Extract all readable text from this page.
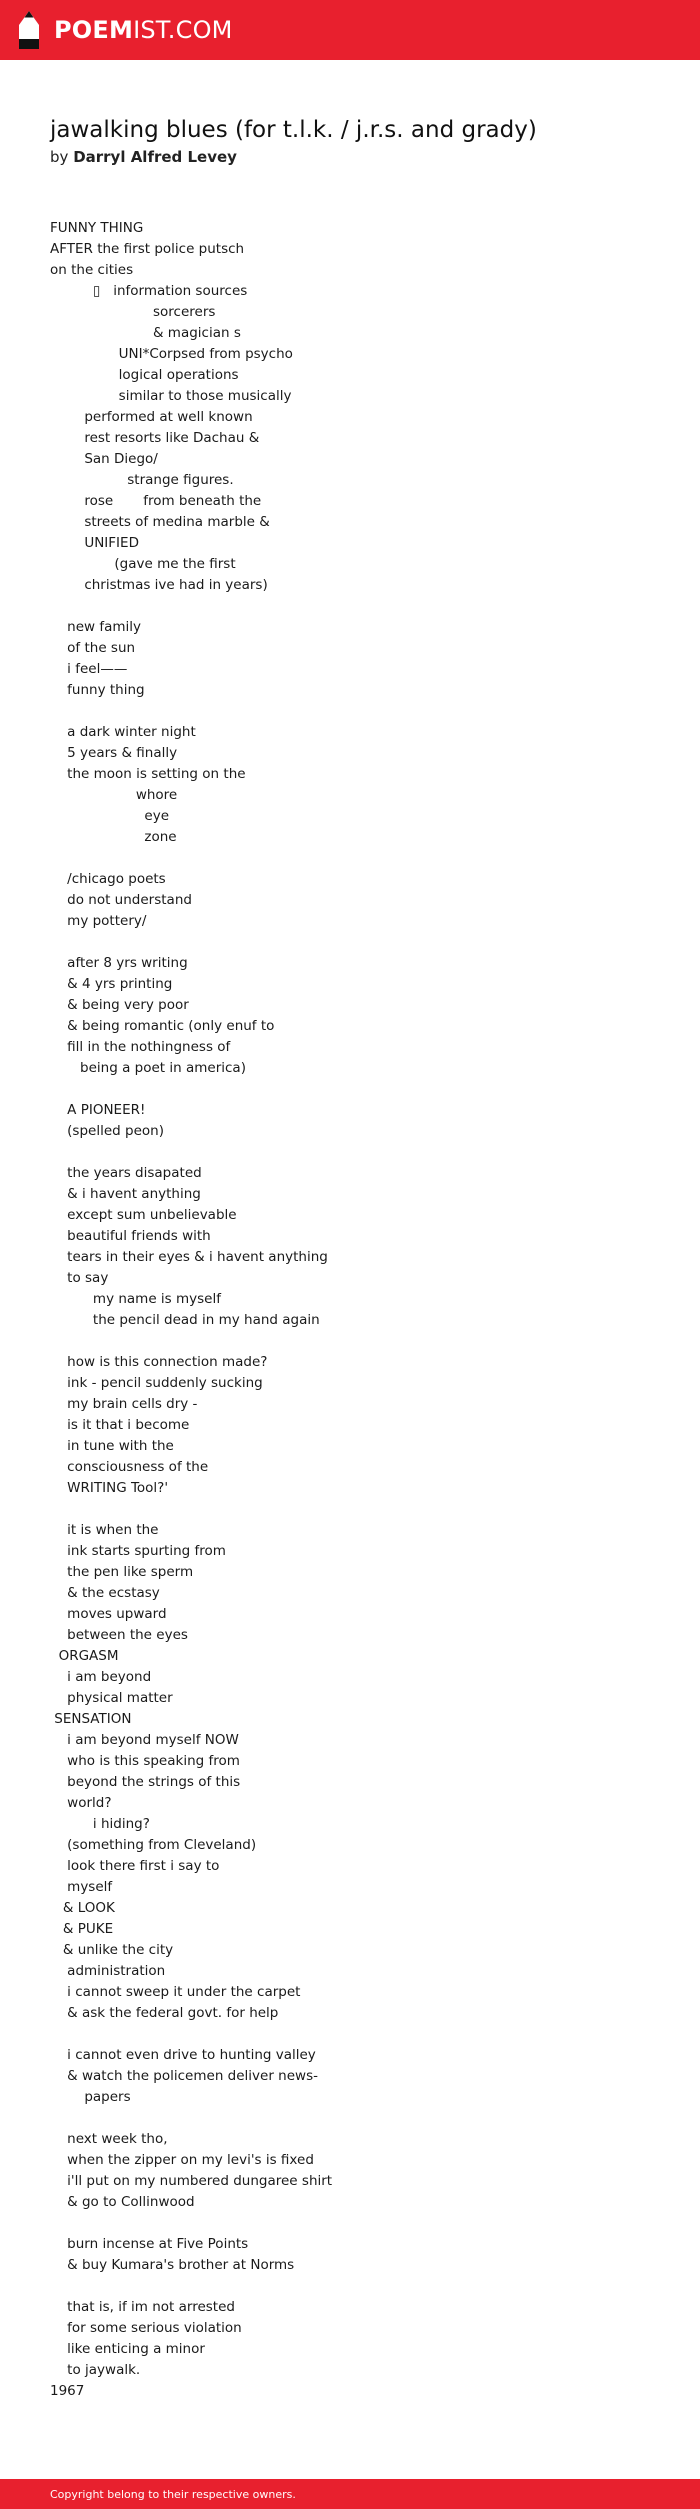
POEMIST.COM
jawalking blues (for t.l.k. / j.r.s. and grady)
by Darryl Alfred Levey
FUNNY THING
AFTER the first police putsch
on the cities
▯   information sources
sorcerers
& magician s
UNI*Corpsed from psycho
logical operations
similar to those musically
performed at well known
rest resorts like Dachau &
San Diego/
strange figures.
rose       from beneath the
streets of medina marble &
UNIFIED
(gave me the first
christmas ive had in years)

new family
of the sun
i feel——
funny thing

a dark winter night
5 years & finally
the moon is setting on the
whore
eye
zone

/chicago poets
do not understand
my pottery/

after 8 yrs writing
& 4 yrs printing
& being very poor
& being romantic (only enuf to
fill in the nothingness of
being a poet in america)

A PIONEER!
(spelled peon)

the years disapated
& i havent anything
except sum unbelievable
beautiful friends with
tears in their eyes & i havent anything
to say
my name is myself
the pencil dead in my hand again

how is this connection made?
ink - pencil suddenly sucking
my brain cells dry -
is it that i become
in tune with the
consciousness of the
WRITING Tool?'

it is when the
ink starts spurting from
the pen like sperm
& the ecstasy
moves upward
between the eyes
ORGASM
i am beyond
physical matter
SENSATION
i am beyond myself NOW
who is this speaking from
beyond the strings of this
world?
i hiding?
(something from Cleveland)
look there first i say to
myself
& LOOK
& PUKE
& unlike the city
administration
i cannot sweep it under the carpet
& ask the federal govt. for help

i cannot even drive to hunting valley
& watch the policemen deliver news-
papers

next week tho,
when the zipper on my levi's is fixed
i'll put on my numbered dungaree shirt
& go to Collinwood

burn incense at Five Points
& buy Kumara's brother at Norms

that is, if im not arrested
for some serious violation
like enticing a minor
to jaywalk.
1967
Copyright belong to their respective owners.
